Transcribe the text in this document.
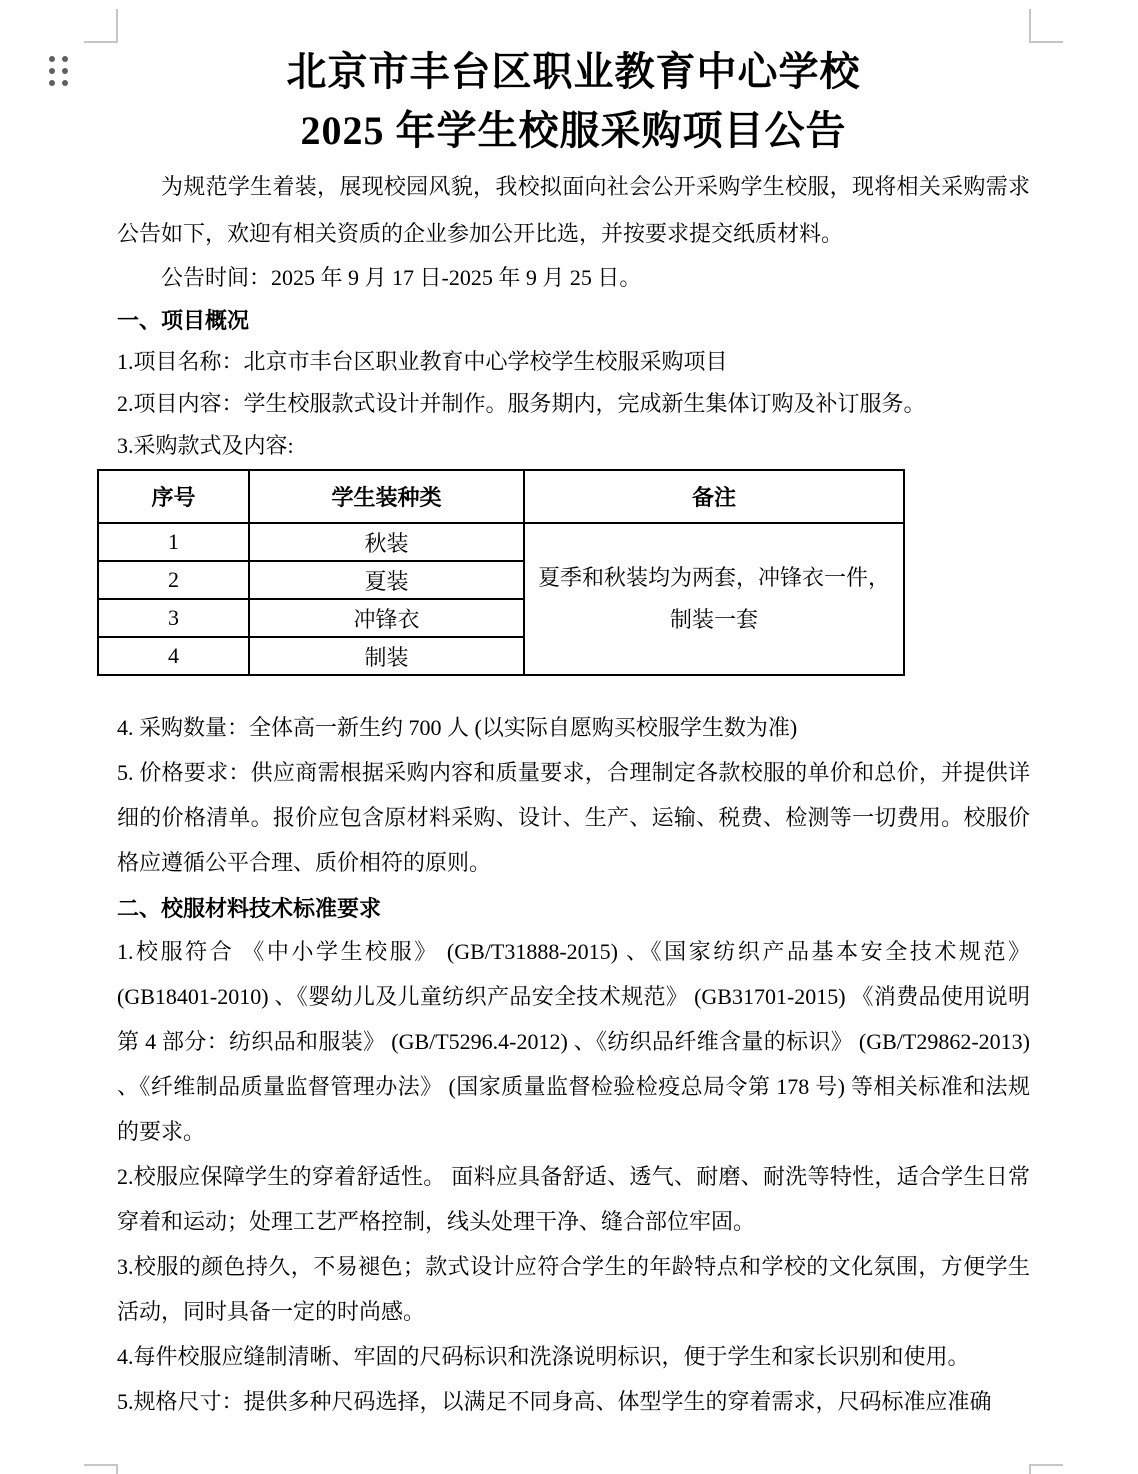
北京市丰台区职业教育中心学校
2025 年学生校服采购项目公告

为规范学生着装，展现校园风貌，我校拟面向社会公开采购学生校服，现将相关采购需求公告如下，欢迎有相关资质的企业参加公开比选，并按要求提交纸质材料。

公告时间：2025 年 9 月 17 日-2025 年 9 月 25 日。

一、项目概况

1.项目名称：北京市丰台区职业教育中心学校学生校服采购项目

2.项目内容：学生校服款式设计并制作。服务期内，完成新生集体订购及补订服务。

3.采购款式及内容:

序号	学生装种类	备注
1	秋装	夏季和秋装均为两套，冲锋衣一件，制装一套
2	夏装	
3	冲锋衣	
4	制装	

4. 采购数量：全体高一新生约 700 人 (以实际自愿购买校服学生数为准)

5. 价格要求：供应商需根据采购内容和质量要求，合理制定各款校服的单价和总价，并提供详细的价格清单。报价应包含原材料采购、设计、生产、运输、税费、检测等一切费用。校服价格应遵循公平合理、质价相符的原则。

二、校服材料技术标准要求

1.校服符合 《中小学生校服》 (GB/T31888-2015) 、《国家纺织产品基本安全技术规范》 (GB18401-2010) 、《婴幼儿及儿童纺织产品安全技术规范》 (GB31701-2015) 《消费品使用说明第 4 部分：纺织品和服装》 (GB/T5296.4-2012) 、《纺织品纤维含量的标识》 (GB/T29862-2013) 、《纤维制品质量监督管理办法》 (国家质量监督检验检疫总局令第 178 号) 等相关标准和法规的要求。

2.校服应保障学生的穿着舒适性。 面料应具备舒适、透气、耐磨、耐洗等特性，适合学生日常穿着和运动；处理工艺严格控制，线头处理干净、缝合部位牢固。

3.校服的颜色持久，不易褪色；款式设计应符合学生的年龄特点和学校的文化氛围，方便学生活动，同时具备一定的时尚感。

4.每件校服应缝制清晰、牢固的尺码标识和洗涤说明标识，便于学生和家长识别和使用。

5.规格尺寸：提供多种尺码选择，以满足不同身高、体型学生的穿着需求，尺码标准应准确
